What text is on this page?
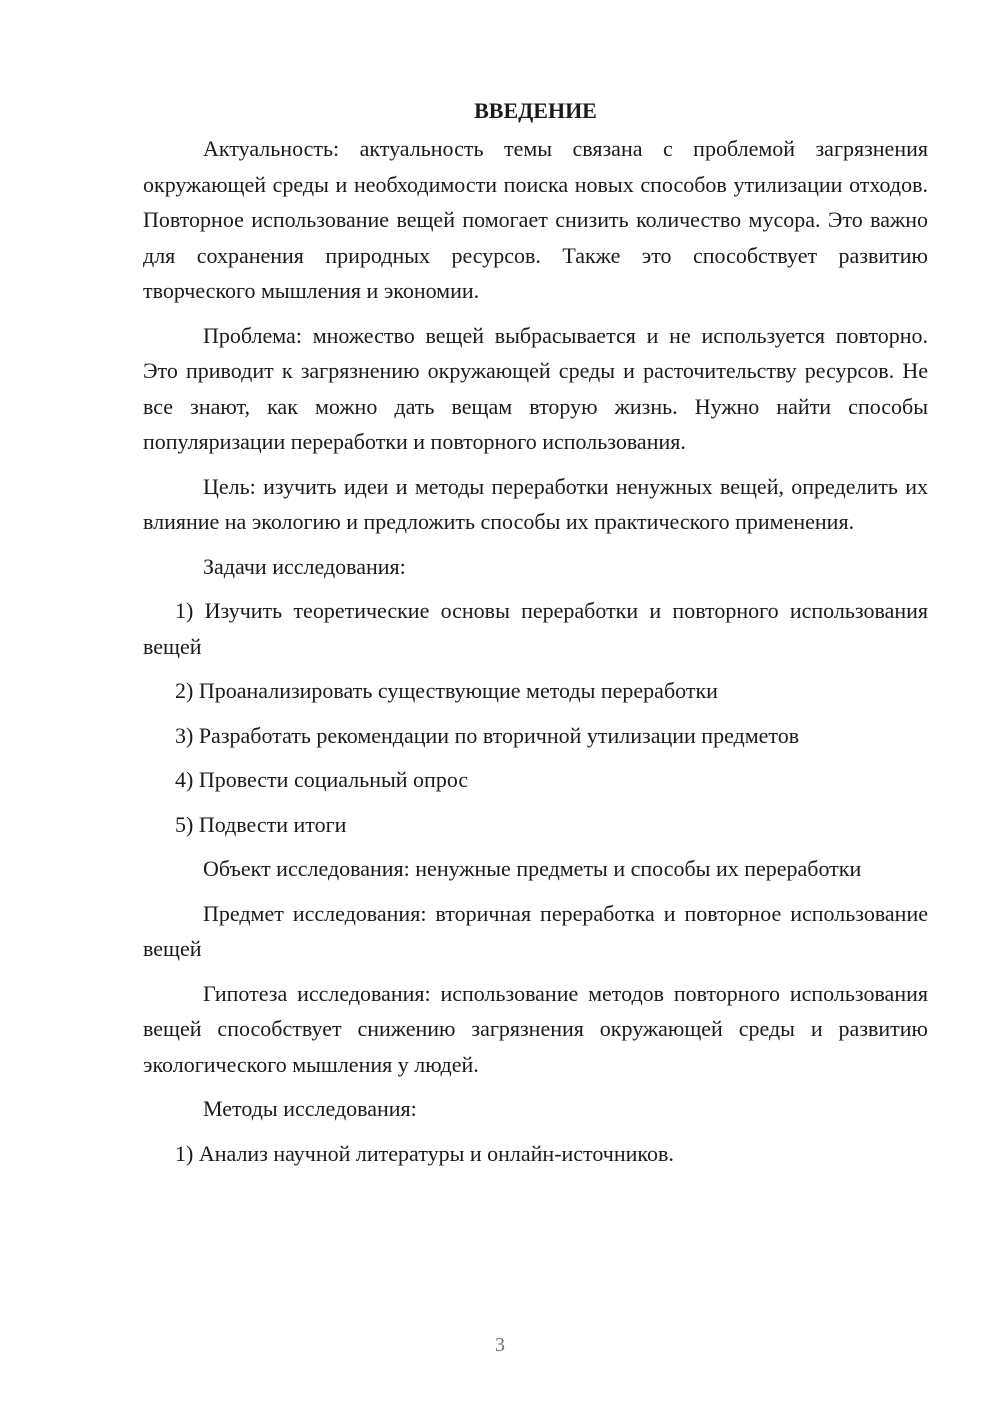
ВВЕДЕНИЕ

Актуальность: актуальность темы связана с проблемой загрязнения окружающей среды и необходимости поиска новых способов утилизации отходов. Повторное использование вещей помогает снизить количество мусора. Это важно для сохранения природных ресурсов. Также это способствует развитию творческого мышления и экономии.

Проблема: множество вещей выбрасывается и не используется повторно. Это приводит к загрязнению окружающей среды и расточительству ресурсов. Не все знают, как можно дать вещам вторую жизнь. Нужно найти способы популяризации переработки и повторного использования.

Цель: изучить идеи и методы переработки ненужных вещей, определить их влияние на экологию и предложить способы их практического применения.

Задачи исследования:

1) Изучить теоретические основы переработки и повторного использования вещей

2) Проанализировать существующие методы переработки

3) Разработать рекомендации по вторичной утилизации предметов

4) Провести социальный опрос

5) Подвести итоги

Объект исследования: ненужные предметы и способы их переработки

Предмет исследования: вторичная переработка и повторное использование вещей

Гипотеза исследования: использование методов повторного использования вещей способствует снижению загрязнения окружающей среды и развитию экологического мышления у людей.

Методы исследования:

1) Анализ научной литературы и онлайн-источников.

3
